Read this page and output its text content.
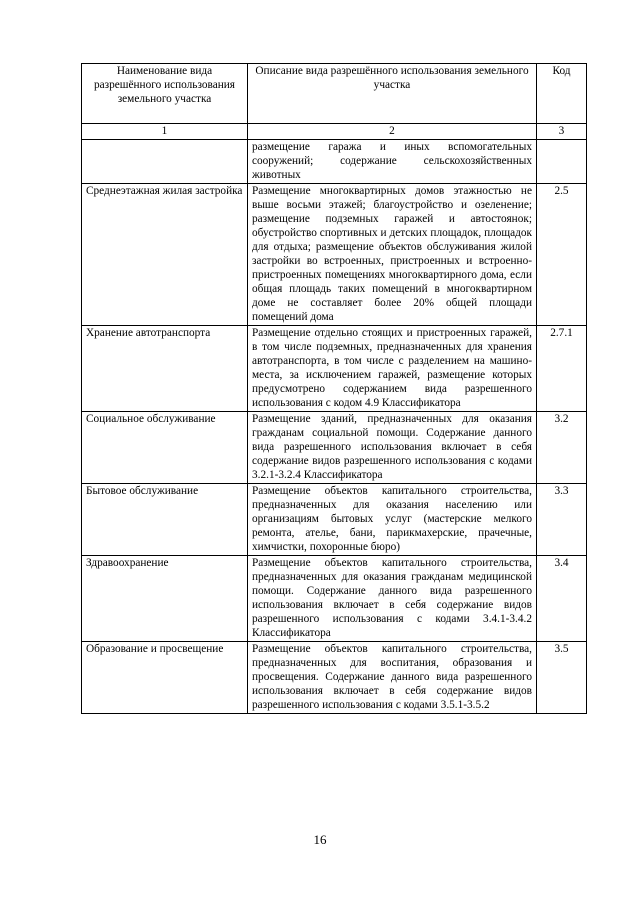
Наименование вида разрешённого использования земельного участка	Описание вида разрешённого использования земельного участка	Код
1	2	3
	размещение гаража и иных вспомогательных сооружений; содержание сельскохозяйственных животных	
Среднеэтажная жилая застройка	Размещение многоквартирных домов этажностью не выше восьми этажей; благоустройство и озеленение; размещение подземных гаражей и автостоянок; обустройство спортивных и детских площадок, площадок для отдыха; размещение объектов обслуживания жилой застройки во встроенных, пристроенных и встроенно-пристроенных помещениях многоквартирного дома, если общая площадь таких помещений в многоквартирном доме не составляет более 20% общей площади помещений дома	2.5
Хранение автотранспорта	Размещение отдельно стоящих и пристроенных гаражей, в том числе подземных, предназначенных для хранения автотранспорта, в том числе с разделением на машино-места, за исключением гаражей, размещение которых предусмотрено содержанием вида разрешенного использования с кодом 4.9 Классификатора	2.7.1
Социальное обслуживание	Размещение зданий, предназначенных для оказания гражданам социальной помощи. Содержание данного вида разрешенного использования включает в себя содержание видов разрешенного использования с кодами 3.2.1-3.2.4 Классификатора	3.2
Бытовое обслуживание	Размещение объектов капитального строительства, предназначенных для оказания населению или организациям бытовых услуг (мастерские мелкого ремонта, ателье, бани, парикмахерские, прачечные, химчистки, похоронные бюро)	3.3
Здравоохранение	Размещение объектов капитального строительства, предназначенных для оказания гражданам медицинской помощи. Содержание данного вида разрешенного использования включает в себя содержание видов разрешенного использования с кодами 3.4.1-3.4.2 Классификатора	3.4
Образование и просвещение	Размещение объектов капитального строительства, предназначенных для воспитания, образования и просвещения. Содержание данного вида разрешенного использования включает в себя содержание видов разрешенного использования с кодами 3.5.1-3.5.2	3.5
16
